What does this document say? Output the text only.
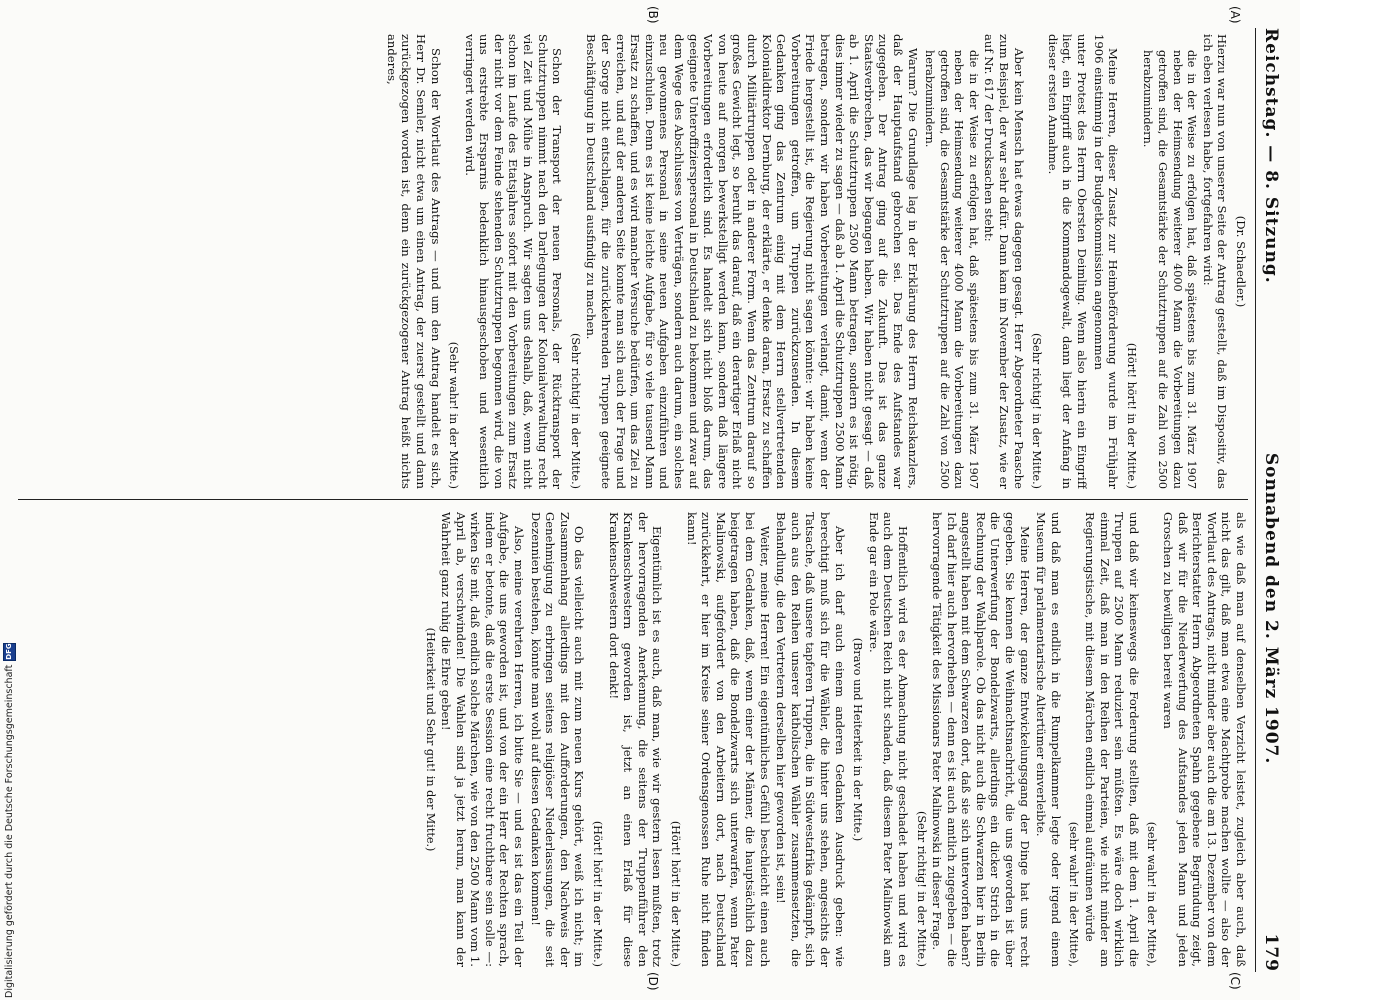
Reichstag. — 8. Sitzung.
Sonnabend den 2. März 1907.
179
(A)
(B)
(C)
(D)

(Dr. Schaedler.)

Hierzu war nun von unserer Seite der Antrag gestellt, daß im Dispositiv, das ich eben verlesen habe, fortgefahren wird:

die in der Weise zu erfolgen hat, daß spätestens bis zum 31. März 1907 neben der Heimsendung weiterer 4000 Mann die Vorbereitungen dazu getroffen sind, die Gesamtstärke der Schutztruppen auf die Zahl von 2500 herabzumindern.

(Hört! hört! in der Mitte.)

Meine Herren, dieser Zusatz zur Heimbeförderung wurde im Frühjahr 1906 einstimmig in der Budgetkommission angenommen

unter Protest des Herrn Obersten Deimling. Wenn also hierin ein Eingriff liegt, ein Eingriff auch in die Kommandogewalt, dann liegt der Anfang in dieser ersten Annahme.

(Sehr richtig! in der Mitte.)

Aber kein Mensch hat etwas dagegen gesagt. Herr Abgeordneter Paasche zum Beispiel, der war sehr dafür. Dann kam im November der Zusatz, wie er auf Nr. 617 der Drucksachen steht:

die in der Weise zu erfolgen hat, daß spätestens bis zum 31. März 1907 neben der Heimsendung weiterer 4000 Mann die Vorbereitungen dazu getroffen sind, die Gesamtstärke der Schutztruppen auf die Zahl von 2500 herabzumindern.

Warum? Die Grundlage lag in der Erklärung des Herrn Reichskanzlers, daß der Hauptaufstand gebrochen sei. Das Ende des Aufstandes war zugegeben. Der Antrag ging auf die Zukunft. Das ist das ganze Staatsverbrechen, das wir begangen haben. Wir haben nicht gesagt — daß ab 1. April die Schutztruppen 2500 Mann betragen, sondern es ist nötig, dies immer wieder zu sagen — daß ab 1. April die Schutztruppen 2500 Mann betragen, sondern wir haben Vorbereitungen verlangt, damit, wenn der Friede hergestellt ist, die Regierung nicht sagen könnte: wir haben keine Vorbereitungen getroffen, um Truppen zurückzusenden. In diesem Gedanken ging das Zentrum einig mit dem Herrn stellvertretenden Kolonialdirektor Dernburg, der erklärte, er denke daran, Ersatz zu schaffen durch Militärtruppen oder in anderer Form. Wenn das Zentrum darauf so großes Gewicht legt, so beruht das darauf, daß ein derartiger Erlaß nicht von heute auf morgen bewerkstelligt werden kann, sondern daß längere Vorbereitungen erforderlich sind. Es handelt sich nicht bloß darum, das geeignete Unteroffizierspersonal in Deutschland zu bekommen und zwar auf dem Wege des Abschlusses von Verträgen, sondern auch darum, ein solches neu gewonnenes Personal in seine neuen Aufgaben einzuführen und einzuschulen. Denn es ist keine leichte Aufgabe, für so viele tausend Mann Ersatz zu schaffen, und es wird mancher Versuche bedürfen, um das Ziel zu erreichen, und auf der anderen Seite konnte man sich auch der Frage und der Sorge nicht entschlagen, für die zurückkehrenden Truppen geeignete Beschäftigung in Deutschland ausfindig zu machen.

(Sehr richtig! in der Mitte.)

Schon der Transport der neuen Personals, der Rücktransport der Schutztruppen nimmt nach den Darlegungen der Kolonialverwaltung recht viel Zeit und Mühe in Anspruch. Wir sagten uns deshalb, daß, wenn nicht schon im Laufe des Etatsjahres sofort mit den Vorbereitungen zum Ersatz der nicht vor dem Feinde stehenden Schutztruppen begonnen wird, die von uns erstrebte Ersparnis bedenklich hinausgeschoben und wesentlich verringert werden wird.

(Sehr wahr! in der Mitte.)

Schon der Wortlaut des Antrags — und um den Antrag handelt es sich, Herr Dr. Semler, nicht etwa um einen Antrag, der zuerst gestellt und dann zurückgezogen worden ist, denn ein zurückgezogener Antrag heißt nichts anderes,

als wie daß man auf denselben Verzicht leistet, zugleich aber auch, daß nicht das gilt, daß man etwa eine Machtprobe machen wollte — also der Wortlaut des Antrags, nicht minder aber auch die am 13. Dezember von dem Berichterstatter Herrn Abgeordneten Spahn gegebene Begründung zeigt, daß wir für die Niederwerfung des Aufstandes jeden Mann und jeden Groschen zu bewilligen bereit waren

(sehr wahr! in der Mitte),

und daß wir keineswegs die Forderung stellten, daß mit dem 1. April die Truppen auf 2500 Mann reduziert sein müßten. Es wäre doch wirklich einmal Zeit, daß man in den Reihen der Parteien, wie nicht minder am Regierungstische, mit diesem Märchen endlich einmal aufräumen würde

(sehr wahr! in der Mitte),

und daß man es endlich in die Rumpelkammer legte oder irgend einem Museum für parlamentarische Altertümer einverleibte.

Meine Herren, der ganze Entwickelungsgang der Dinge hat uns recht gegeben. Sie kennen die Weihnachtsnachricht, die uns geworden ist über die Unterwerfung der Bondelzwarts, allerdings ein dicker Strich in die Rechnung der Wahlparole. Ob das nicht auch die Schwarzen hier in Berlin angestellt haben mit dem Schwarzen dort, daß sie sich unterworfen haben? Ich darf hier auch hervorheben — denn es ist auch amtlich zugegeben — die hervorragende Tätigkeit des Missionars Pater Malinowski in dieser Frage.

(Sehr richtig! in der Mitte.)

Hoffentlich wird es der Abmachung nicht geschadet haben und wird es auch dem Deutschen Reich nicht schaden, daß diesem Pater Malinowski am Ende gar ein Pole wäre.

(Bravo und Heiterkeit in der Mitte.)

Aber ich darf auch einem anderen Gedanken Ausdruck geben: wie berechtigt muß sich für die Wähler, die hinter uns stehen, angesichts der Tatsache, daß unsere tapferen Truppen, die in Südwestafrika gekämpft, sich auch aus den Reihen unserer katholischen Wähler zusammensetzten, die Behandlung, die den Vertretern derselben hier geworden ist, sein!

Weiter, meine Herren! Ein eigentümliches Gefühl beschleicht einen auch bei dem Gedanken, daß, wenn einer der Männer, die hauptsächlich dazu beigetragen haben, daß die Bondelzwarts sich unterwarfen, wenn Pater Malinowski, aufgefordert von den Arbeitern dort, nach Deutschland zurückkehrt, er hier im Kreise seiner Ordensgenossen Ruhe nicht finden kann!

(Hört! hört! in der Mitte.)

Eigentümlich ist es auch, daß man, wie wir gestern lesen mußten, trotz der hervorragenden Anerkennung, die seitens der Truppenführer den Krankenschwestern geworden ist, jetzt an einen Erlaß für diese Krankenschwestern dort denkt!

(Hört! hört! in der Mitte.)

Ob das vielleicht auch mit zum neuen Kurs gehört, weiß ich nicht; im Zusammenhang allerdings mit den Aufforderungen, den Nachweis der Genehmigung zu erbringen seitens religiöser Niederlassungen, die seit Dezennien bestehen, könnte man wohl auf diesen Gedanken kommen!

Also, meine verehrten Herren, ich bitte Sie — und es ist das ein Teil der Aufgabe, die uns geworden ist, und von der ein Herr der Rechten sprach, indem er betonte, daß die erste Session eine recht fruchtbare sein solle —: wirken Sie mit, daß endlich solche Märchen, wie von den 2500 Mann vom 1. April ab, verschwinden! Die Wahlen sind ja jetzt herum, man kann der Wahrheit ganz ruhig die Ehre geben!

(Heiterkeit und Sehr gut! in der Mitte.)

Digitalisierung gefördert durch die Deutsche Forschungsgemeinschaft
DFG
